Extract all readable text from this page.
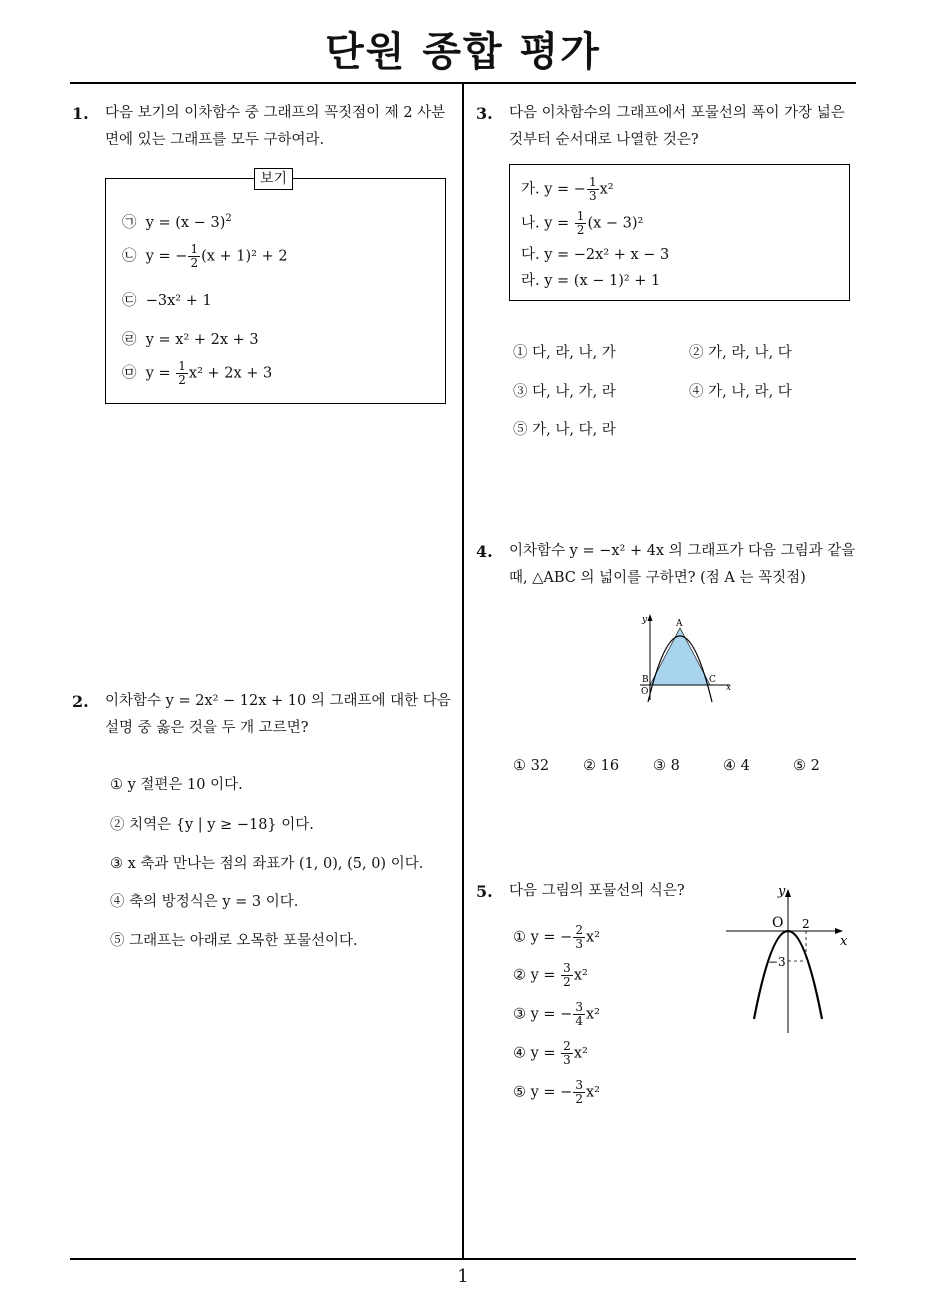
단원 종합 평가
1
1. 다음 보기의 이차함수 중 그래프의 꼭짓점이 제 2 사분면에 있는 그래프를 모두 구하여라.
보기
㉠ $y = (x - 3)^2$
㉡ y = − $\frac{1}{2} (x + 1)^2 + 2$
㉢ −3x² + 1
㉣ y = x² + 2x + 3
㉤ $y = \frac{1}{2} x^2 + 2x + 3$
2. 이차함수 y = 2x² − 12x + 10 의 그래프에 대한 다음 설명 중 옳은 것을 두 개 고르면?
① y 절편은 10 이다.
② 치역은 {y | y ≥ −18} 이다.
③ x 축과 만나는 점의 좌표가 (1, 0), (5, 0) 이다.
④ 축의 방정식은 y = 3 이다.
⑤ 그래프는 아래로 오목한 포물선이다.
3. 다음 이차함수의 그래프에서 포물선의 폭이 가장 넓은 것부터 순서대로 나열한 것은?
가. y = − $\frac{1}{3} x^2$
나. $y = \frac{1}{2} (x - 3)^2$
다. y = −2x² + x − 3
라. y = (x − 1)² + 1
① 다, 라, 나, 가	② 가, 라, 나, 다
③ 다, 나, 가, 라	④ 가, 나, 라, 다
⑤ 가, 나, 다, 라
4. 이차함수 y = −x² + 4x 의 그래프가 다음 그림과 같을 때, △ABC 의 넓이를 구하면? (점 A 는 꼭짓점)
y
x
A
B	C
O
① 32 ② 16 ③ 8	④ 4	⑤ 2
5. 다음 그림의 포물선의 식은?	y
x
O 2
−3
① y = − $\frac{2}{3} x^2$
② $y = \frac{3}{2} x^2$
③ y = − $\frac{3}{4} x^2$
④ $y = \frac{2}{3} x^2$
⑤ y = − $\frac{3}{2} x^2$
